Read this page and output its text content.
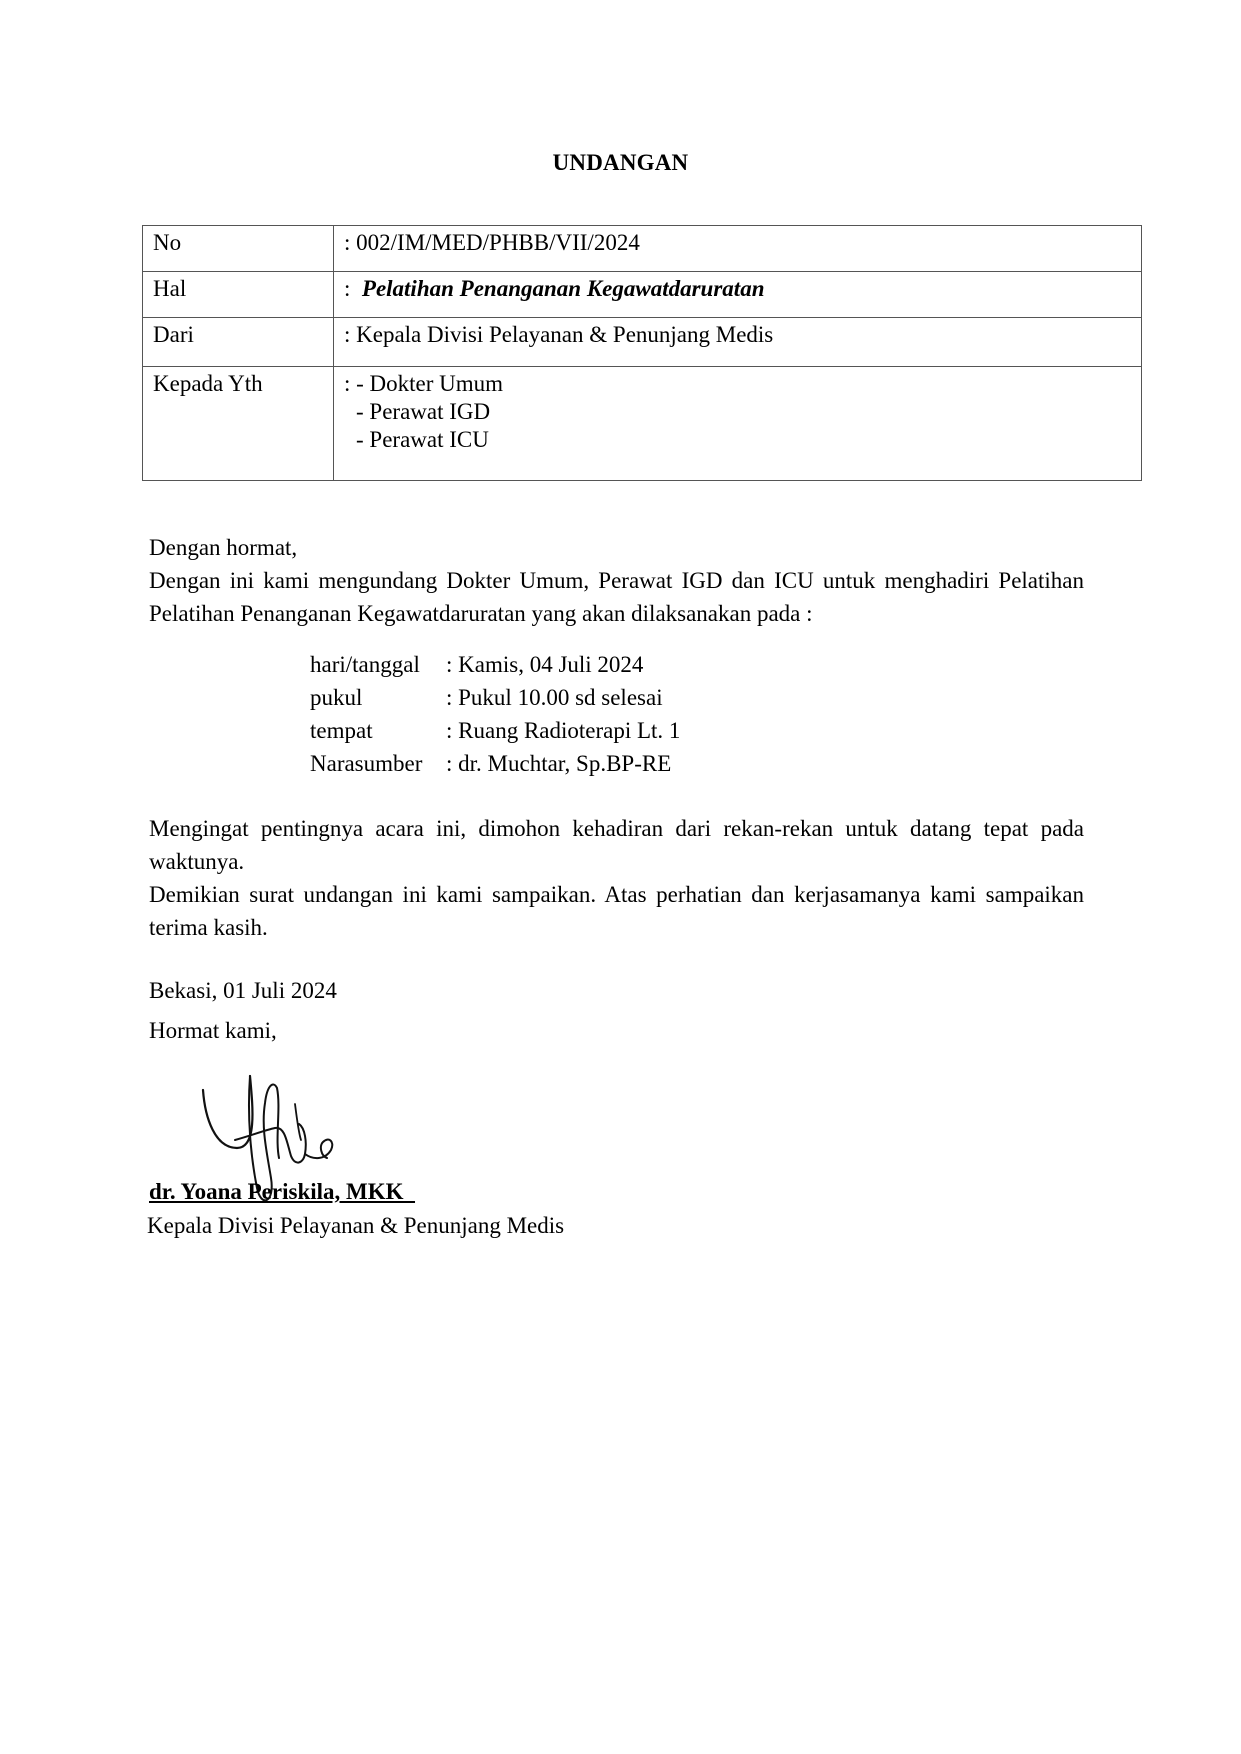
UNDANGAN
No	: 002/IM/MED/PHBB/VII/2024
Hal	:  Pelatihan Penanganan Kegawatdaruratan
Dari	: Kepala Divisi Pelayanan & Penunjang Medis
Kepada Yth	: - Dokter Umum
- Perawat IGD
- Perawat ICU
Dengan hormat,
Dengan ini kami mengundang Dokter Umum, Perawat IGD dan ICU untuk menghadiri Pelatihan Pelatihan Penanganan Kegawatdaruratan yang akan dilaksanakan pada :
hari/tanggal	: Kamis, 04 Juli 2024
pukul	: Pukul 10.00 sd selesai
tempat	: Ruang Radioterapi Lt. 1
Narasumber	: dr. Muchtar, Sp.BP-RE
Mengingat pentingnya acara ini, dimohon kehadiran dari rekan-rekan untuk datang tepat pada waktunya.
Demikian surat undangan ini kami sampaikan. Atas perhatian dan kerjasamanya kami sampaikan terima kasih.
Bekasi, 01 Juli 2024
Hormat kami,
dr. Yoana Periskila, MKK
Kepala Divisi Pelayanan & Penunjang Medis
